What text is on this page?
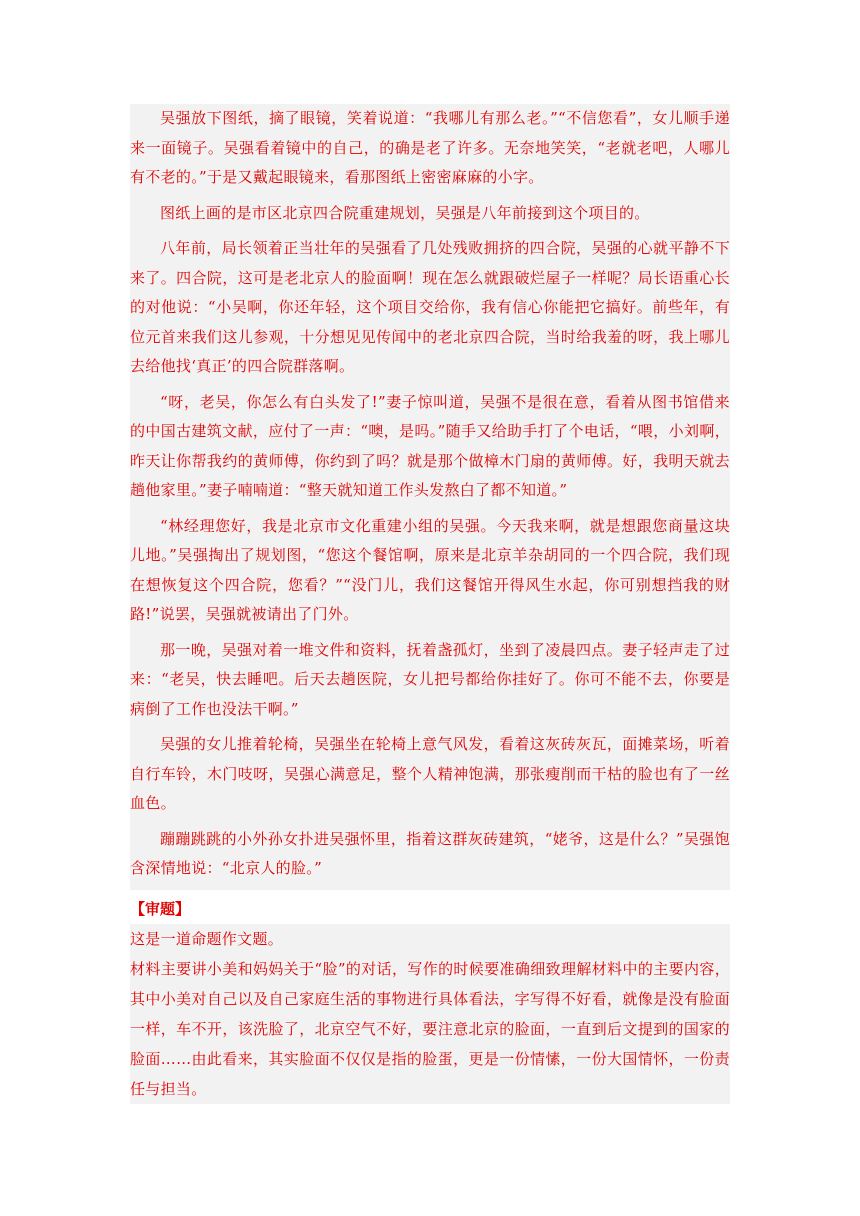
吴强放下图纸，摘了眼镜，笑着说道：“我哪儿有那么老。”“不信您看”，女儿顺手递来一面镜子。吴强看着镜中的自己，的确是老了许多。无奈地笑笑，“老就老吧，人哪儿有不老的。”于是又戴起眼镜来，看那图纸上密密麻麻的小字。

图纸上画的是市区北京四合院重建规划，吴强是八年前接到这个项目的。

八年前，局长领着正当壮年的吴强看了几处残败拥挤的四合院，吴强的心就平静不下来了。四合院，这可是老北京人的脸面啊！现在怎么就跟破烂屋子一样呢？局长语重心长的对他说：“小吴啊，你还年轻，这个项目交给你，我有信心你能把它搞好。前些年，有位元首来我们这儿参观，十分想见见传闻中的老北京四合院，当时给我羞的呀，我上哪儿去给他找‘真正’的四合院群落啊。

“呀，老吴，你怎么有白头发了!”妻子惊叫道，吴强不是很在意，看着从图书馆借来的中国古建筑文献，应付了一声：“噢，是吗。”随手又给助手打了个电话，“喂，小刘啊，昨天让你帮我约的黄师傅，你约到了吗？就是那个做樟木门扇的黄师傅。好，我明天就去趟他家里。”妻子喃喃道：“整天就知道工作头发熬白了都不知道。”

“林经理您好，我是北京市文化重建小组的吴强。今天我来啊，就是想跟您商量这块儿地。”吴强掏出了规划图，“您这个餐馆啊，原来是北京羊杂胡同的一个四合院，我们现在想恢复这个四合院，您看？”“没门儿，我们这餐馆开得风生水起，你可别想挡我的财路!”说罢，吴强就被请出了门外。

那一晚，吴强对着一堆文件和资料，抚着盏孤灯，坐到了凌晨四点。妻子轻声走了过来：“老吴，快去睡吧。后天去趟医院，女儿把号都给你挂好了。你可不能不去，你要是病倒了工作也没法干啊。”

吴强的女儿推着轮椅，吴强坐在轮椅上意气风发，看着这灰砖灰瓦，面摊菜场，听着自行车铃，木门吱呀，吴强心满意足，整个人精神饱满，那张瘦削而干枯的脸也有了一丝血色。

蹦蹦跳跳的小外孙女扑进吴强怀里，指着这群灰砖建筑，“姥爷，这是什么？”吴强饱含深情地说：“北京人的脸。”

【审题】

这是一道命题作文题。

材料主要讲小美和妈妈关于“脸”的对话，写作的时候要准确细致理解材料中的主要内容，其中小美对自己以及自己家庭生活的事物进行具体看法，字写得不好看，就像是没有脸面一样，车不开，该洗脸了，北京空气不好，要注意北京的脸面，一直到后文提到的国家的脸面……由此看来，其实脸面不仅仅是指的脸蛋，更是一份情愫，一份大国情怀，一份责任与担当。
